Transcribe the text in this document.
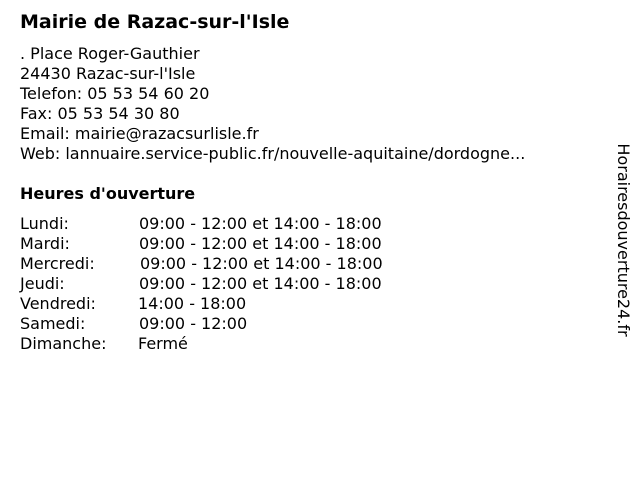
Mairie de Razac-sur-l'Isle
. Place Roger-Gauthier
24430 Razac-sur-l'Isle
Telefon: 05 53 54 60 20
Fax: 05 53 54 30 80
Email: mairie@razacsurlisle.fr
Web: lannuaire.service-public.fr/nouvelle-aquitaine/dordogne...
Heures d'ouverture
Lundi:	09:00 - 12:00 et 14:00 - 18:00
Mardi:	09:00 - 12:00 et 14:00 - 18:00
Mercredi:	09:00 - 12:00 et 14:00 - 18:00
Jeudi:	09:00 - 12:00 et 14:00 - 18:00
Vendredi:	14:00 - 18:00
Samedi:	09:00 - 12:00
Dimanche: Fermé
Horairesdouverture24.fr
